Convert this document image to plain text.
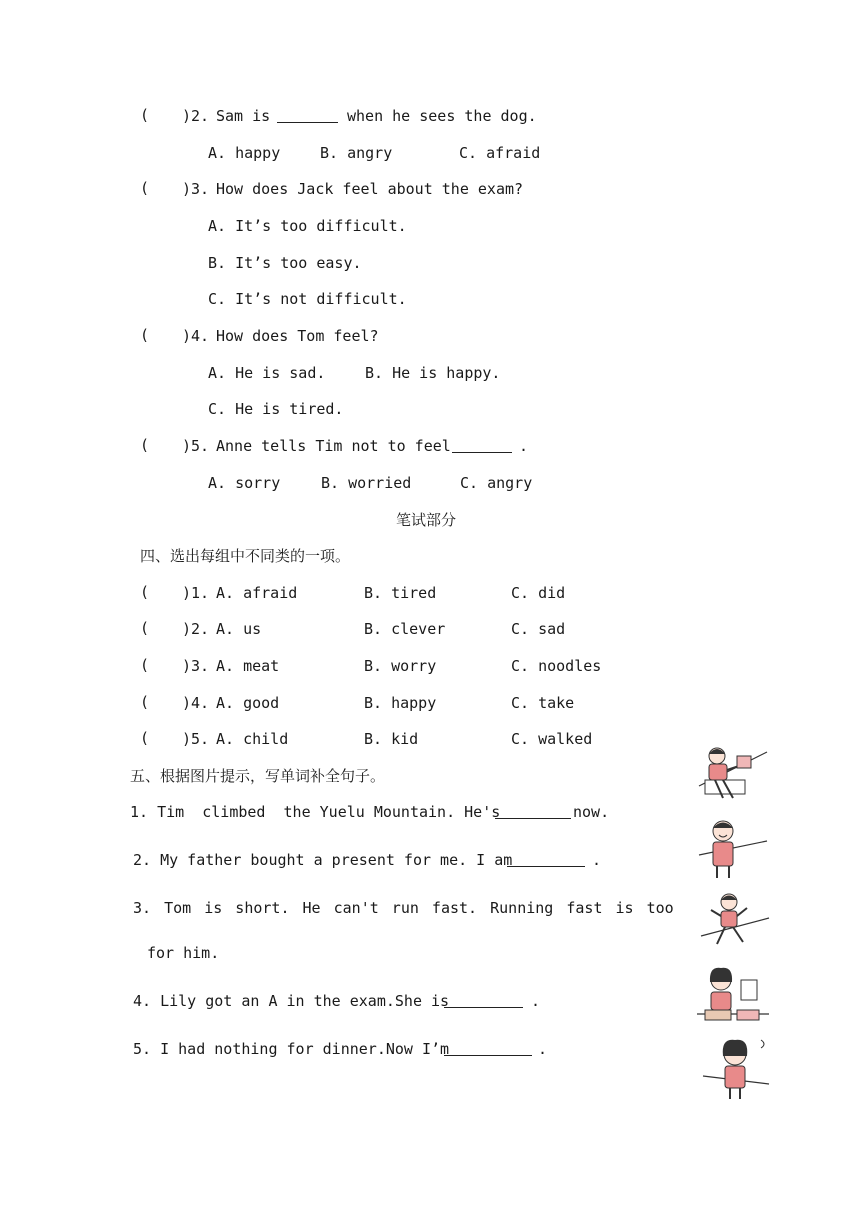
( )2. Sam is	when he sees the dog.
A. happy	B. angry	C. afraid
( )3. How does Jack feel about the exam?
A. It’s too difficult.
B. It’s too easy.
C. It’s not difficult.
( )4. How does Tom feel?
A. He is sad.	B. He is happy.
C. He is tired.
( )5. Anne tells Tim not to feel	.
A. sorry	B. worried	C. angry
笔试部分
四、选出每组中不同类的一项。
( )1. A. afraid	B. tired	C. did
( )2. A. us	B. clever	C. sad
( )3. A. meat	B. worry	C. noodles
( )4. A. good	B. happy	C. take
( )5. A. child	B. kid	C. walked
五、根据图片提示，写单词补全句子。
1. Tim  climbed  the Yuelu Mountain. He's	now.
2. My father bought a present for me. I am	.
3. Tom is short. He can't run fast. Running fast is too
for him.
4. Lily got an A in the exam.She is	.
5. I had nothing for dinner.Now I’m	.
